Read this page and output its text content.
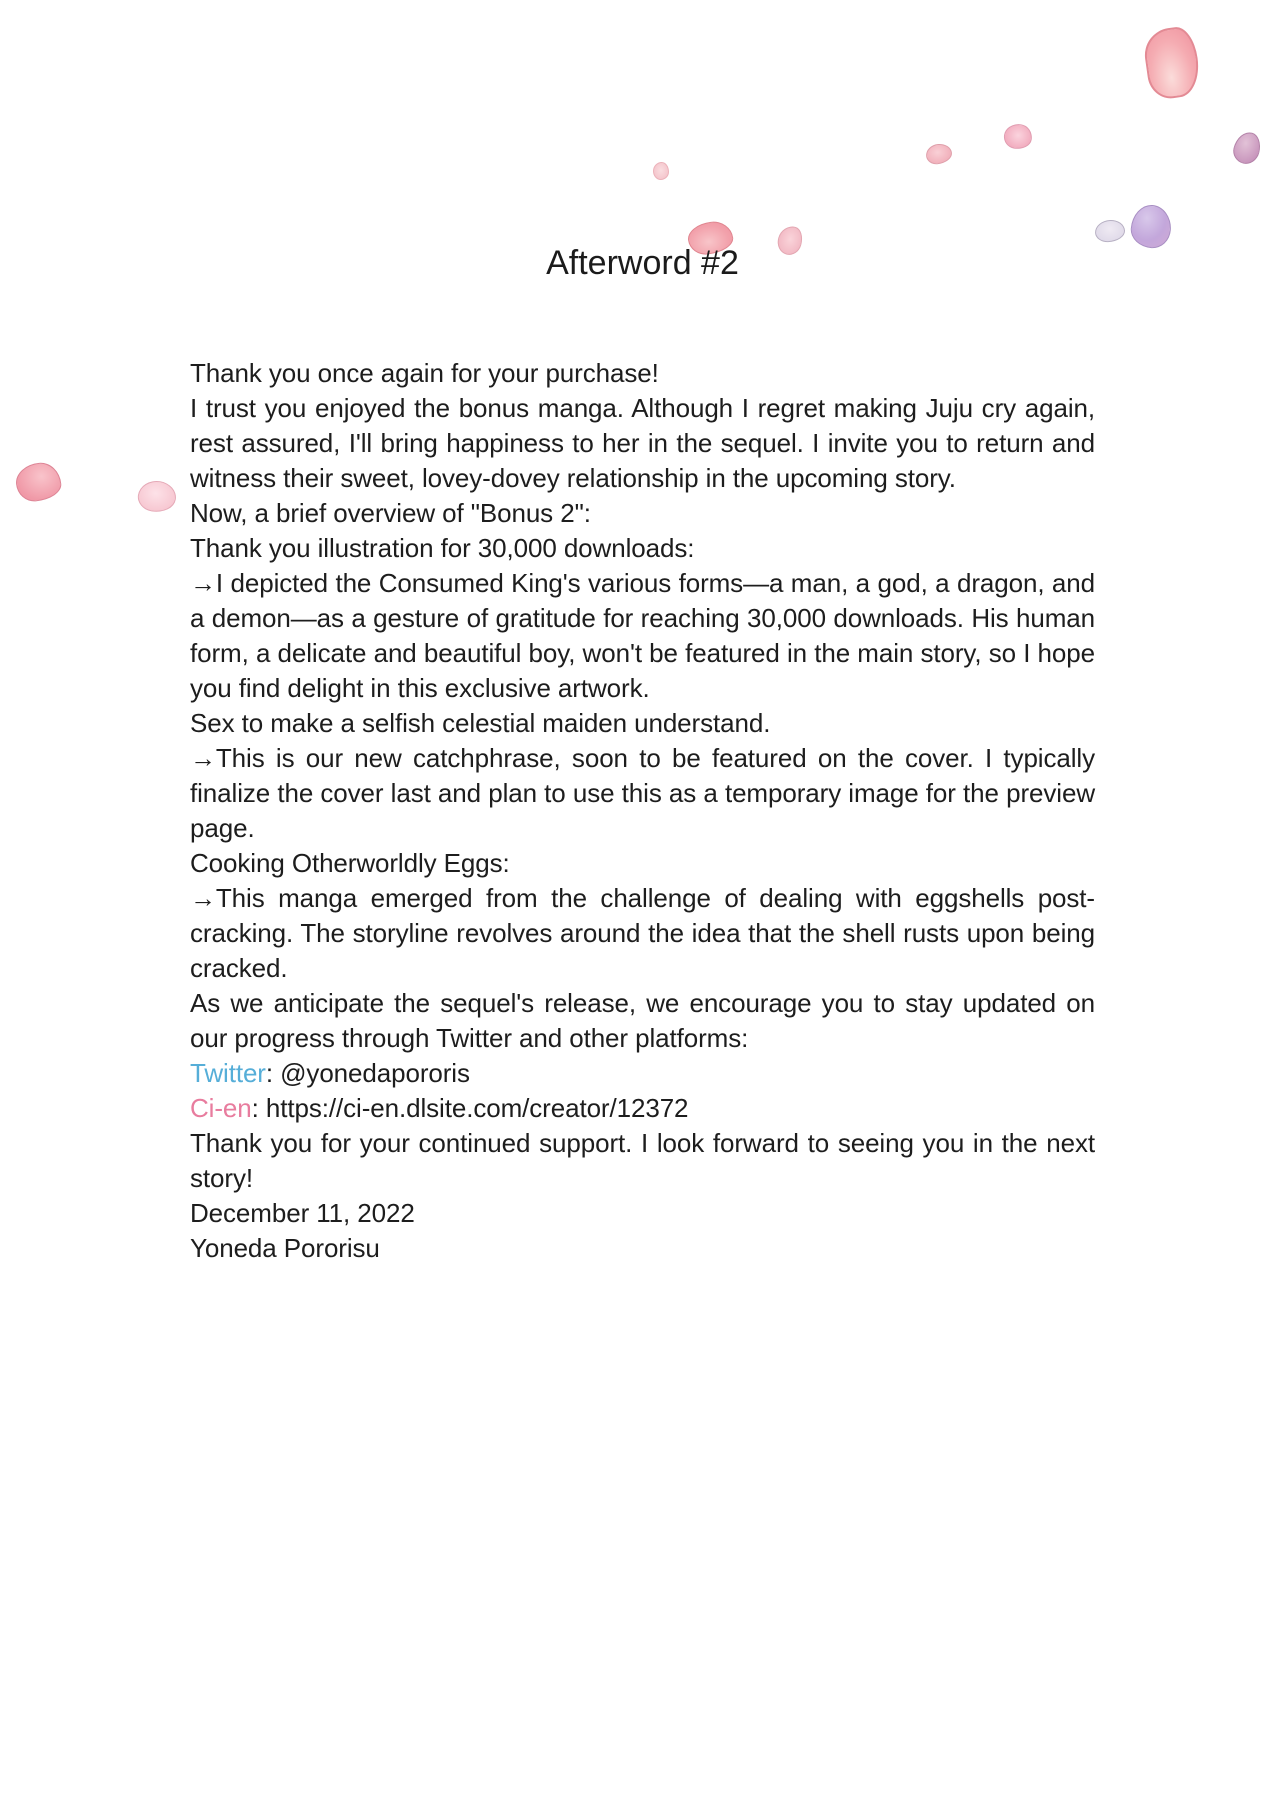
Afterword #2

Thank you once again for your purchase!

I trust you enjoyed the bonus manga. Although I regret making Juju cry again, rest assured, I'll bring happiness to her in the sequel. I invite you to return and witness their sweet, lovey-dovey relationship in the upcoming story.

Now, a brief overview of "Bonus 2":

Thank you illustration for 30,000 downloads:

→I depicted the Consumed King's various forms—a man, a god, a dragon, and a demon—as a gesture of gratitude for reaching 30,000 downloads. His human form, a delicate and beautiful boy, won't be featured in the main story, so I hope you find delight in this exclusive artwork.

Sex to make a selfish celestial maiden understand.

→This is our new catchphrase, soon to be featured on the cover. I typically finalize the cover last and plan to use this as a temporary image for the preview page.

Cooking Otherworldly Eggs:

→This manga emerged from the challenge of dealing with eggshells post-cracking. The storyline revolves around the idea that the shell rusts upon being cracked.

As we anticipate the sequel's release, we encourage you to stay updated on our progress through Twitter and other platforms:

Twitter: @yonedapororis

Ci-en: https://ci-en.dlsite.com/creator/12372

Thank you for your continued support. I look forward to seeing you in the next story!

December 11, 2022

Yoneda Pororisu
